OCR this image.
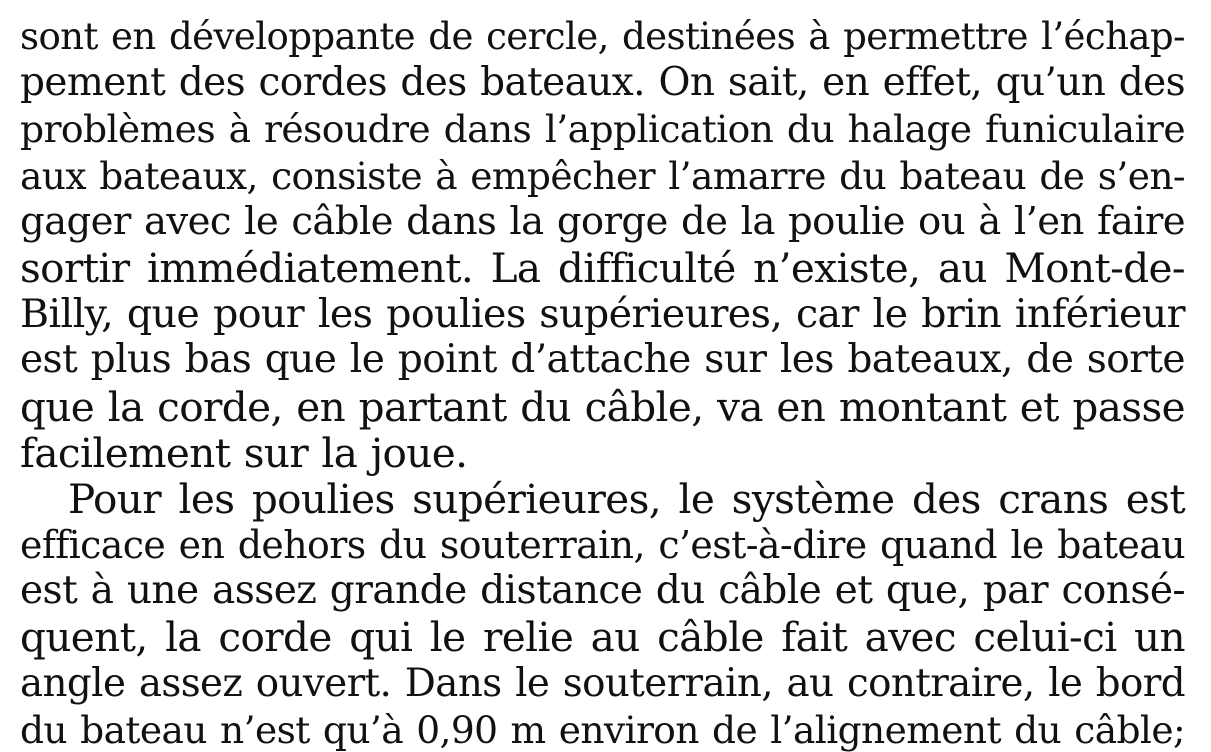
sont en développante de cercle, destinées à permettre l’échap-
pement des cordes des bateaux. On sait, en effet, qu’un des
problèmes à résoudre dans l’application du halage funiculaire
aux bateaux, consiste à empêcher l’amarre du bateau de s’en-
gager avec le câble dans la gorge de la poulie ou à l’en faire
sortir immédiatement. La difficulté n’existe, au Mont-de-
Billy, que pour les poulies supérieures, car le brin inférieur
est plus bas que le point d’attache sur les bateaux, de sorte
que la corde, en partant du câble, va en montant et passe
facilement sur la joue.
Pour les poulies supérieures, le système des crans est
efficace en dehors du souterrain, c’est-à-dire quand le bateau
est à une assez grande distance du câble et que, par consé-
quent, la corde qui le relie au câble fait avec celui-ci un
angle assez ouvert. Dans le souterrain, au contraire, le bord
du bateau n’est qu’à 0,90 m environ de l’alignement du câble;
